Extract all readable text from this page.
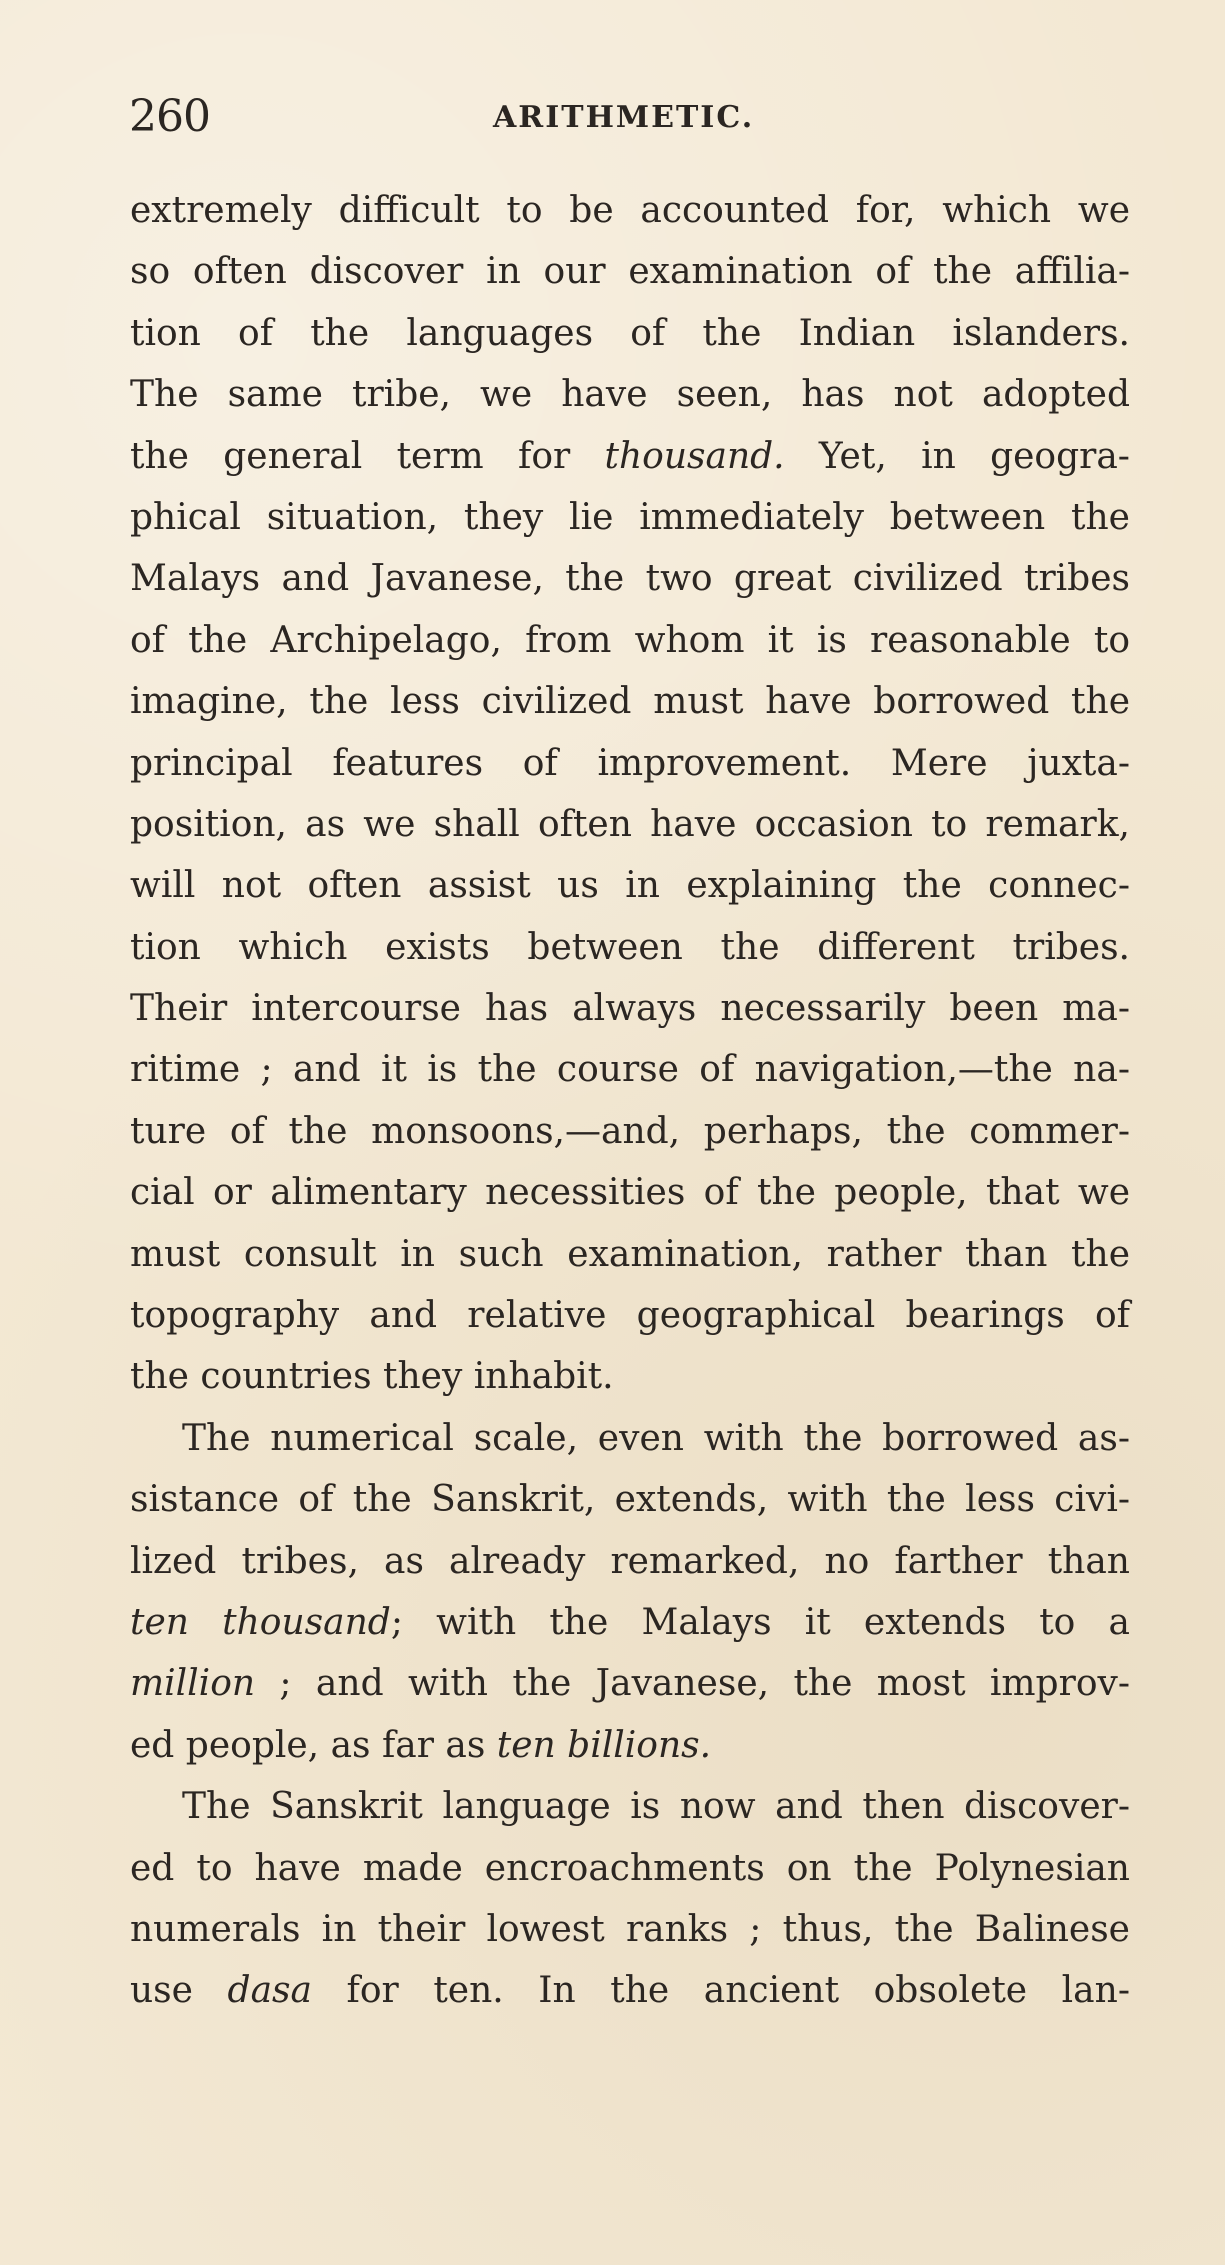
260	ARITHMETIC.
extremely difficult to be accounted for, which we
so often discover in our examination of the affilia-
tion of the languages of the Indian islanders.
The same tribe, we have seen, has not adopted
the general term for thousand. Yet, in geogra-
phical situation, they lie immediately between the
Malays and Javanese, the two great civilized tribes
of the Archipelago, from whom it is reasonable to
imagine, the less civilized must have borrowed the
principal features of improvement. Mere juxta-
position, as we shall often have occasion to remark,
will not often assist us in explaining the connec-
tion which exists between the different tribes.
Their intercourse has always necessarily been ma-
ritime ; and it is the course of navigation,—the na-
ture of the monsoons,—and, perhaps, the commer-
cial or alimentary necessities of the people, that we
must consult in such examination, rather than the
topography and relative geographical bearings of
the countries they inhabit.
The numerical scale, even with the borrowed as-
sistance of the Sanskrit, extends, with the less civi-
lized tribes, as already remarked, no farther than
ten thousand; with the Malays it extends to a
million ; and with the Javanese, the most improv-
ed people, as far as ten billions.
The Sanskrit language is now and then discover-
ed to have made encroachments on the Polynesian
numerals in their lowest ranks ; thus, the Balinese
use dasa for ten. In the ancient obsolete lan-
